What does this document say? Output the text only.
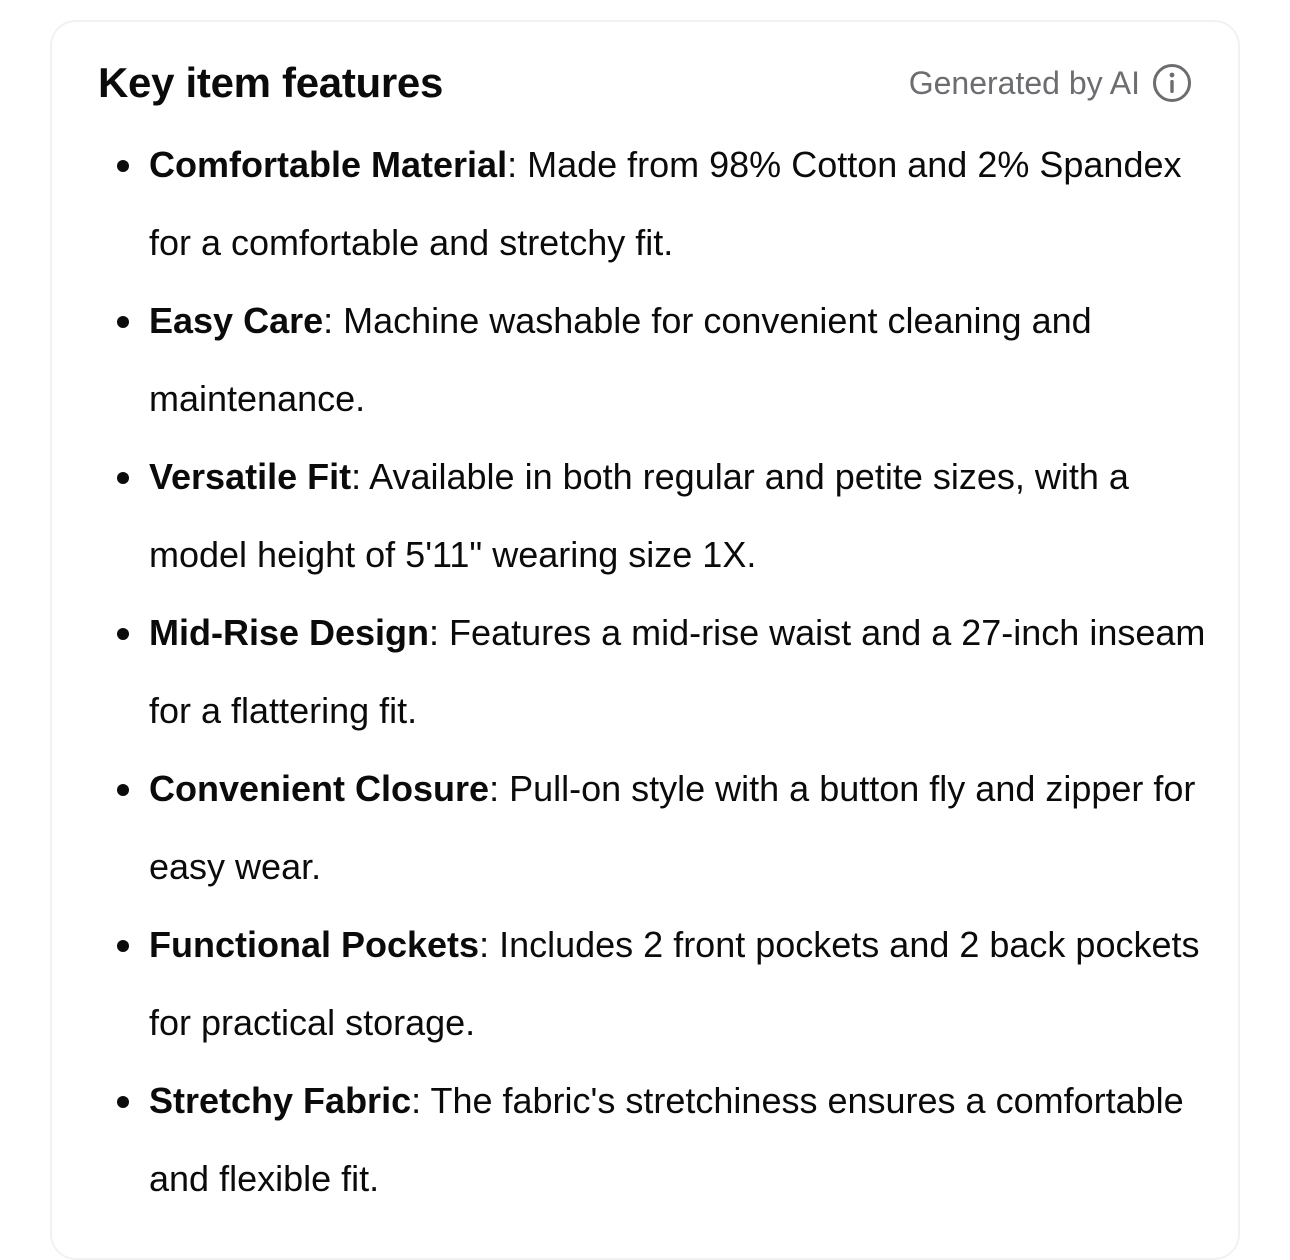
Key item features	Generated by AI
Comfortable Material: Made from 98% Cotton and 2% Spandex for a comfortable and stretchy fit.
Easy Care: Machine washable for convenient cleaning and maintenance.
Versatile Fit: Available in both regular and petite sizes, with a model height of 5'11" wearing size 1X.
Mid-Rise Design: Features a mid-rise waist and a 27-inch inseam for a flattering fit.
Convenient Closure: Pull-on style with a button fly and zipper for easy wear.
Functional Pockets: Includes 2 front pockets and 2 back pockets for practical storage.
Stretchy Fabric: The fabric's stretchiness ensures a comfortable and flexible fit.
